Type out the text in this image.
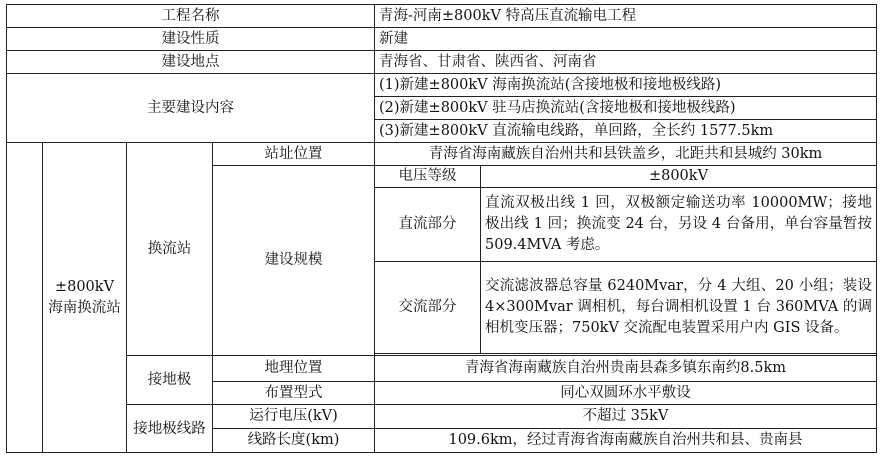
工程名称				青海-河南±800kV 特高压直流输电工程	
建设性质				新建	
建设地点				青海省、甘肃省、陕西省、河南省	
主要建设内容				(1)新建±800kV 海南换流站(含接地极和接地极线路)	
				(2)新建±800kV 驻马店换流站(含接地极和接地极线路)	
				(3)新建±800kV 直流输电线路，单回路，全长约 1577.5km	
	±800kV 海南换流站	换流站	站址位置	青海省海南藏族自治州共和县铁盖乡，北距共和县城约 30km	
			建设规模	电压等级	±800kV
				直流部分	直流双极出线 1 回，双极额定输送功率 10000MW；接地极出线 1 回；换流变 24 台，另设 4 台备用，单台容量暂按 509.4MVA 考虑。
				交流部分	交流滤波器总容量 6240Mvar，分 4 大组、20 小组；装设 4×300Mvar 调相机，每台调相机设置 1 台 360MVA 的调相机变压器；750kV 交流配电装置采用户内 GIS 设备。

		接地极	地理位置	青海省海南藏族自治州贵南县森多镇东南约8.5km	
			布置型式	同心双圆环水平敷设	
		接地极线路	运行电压(kV)	不超过 35kV	
			线路长度(km)	109.6km，经过青海省海南藏族自治州共和县、贵南县	
